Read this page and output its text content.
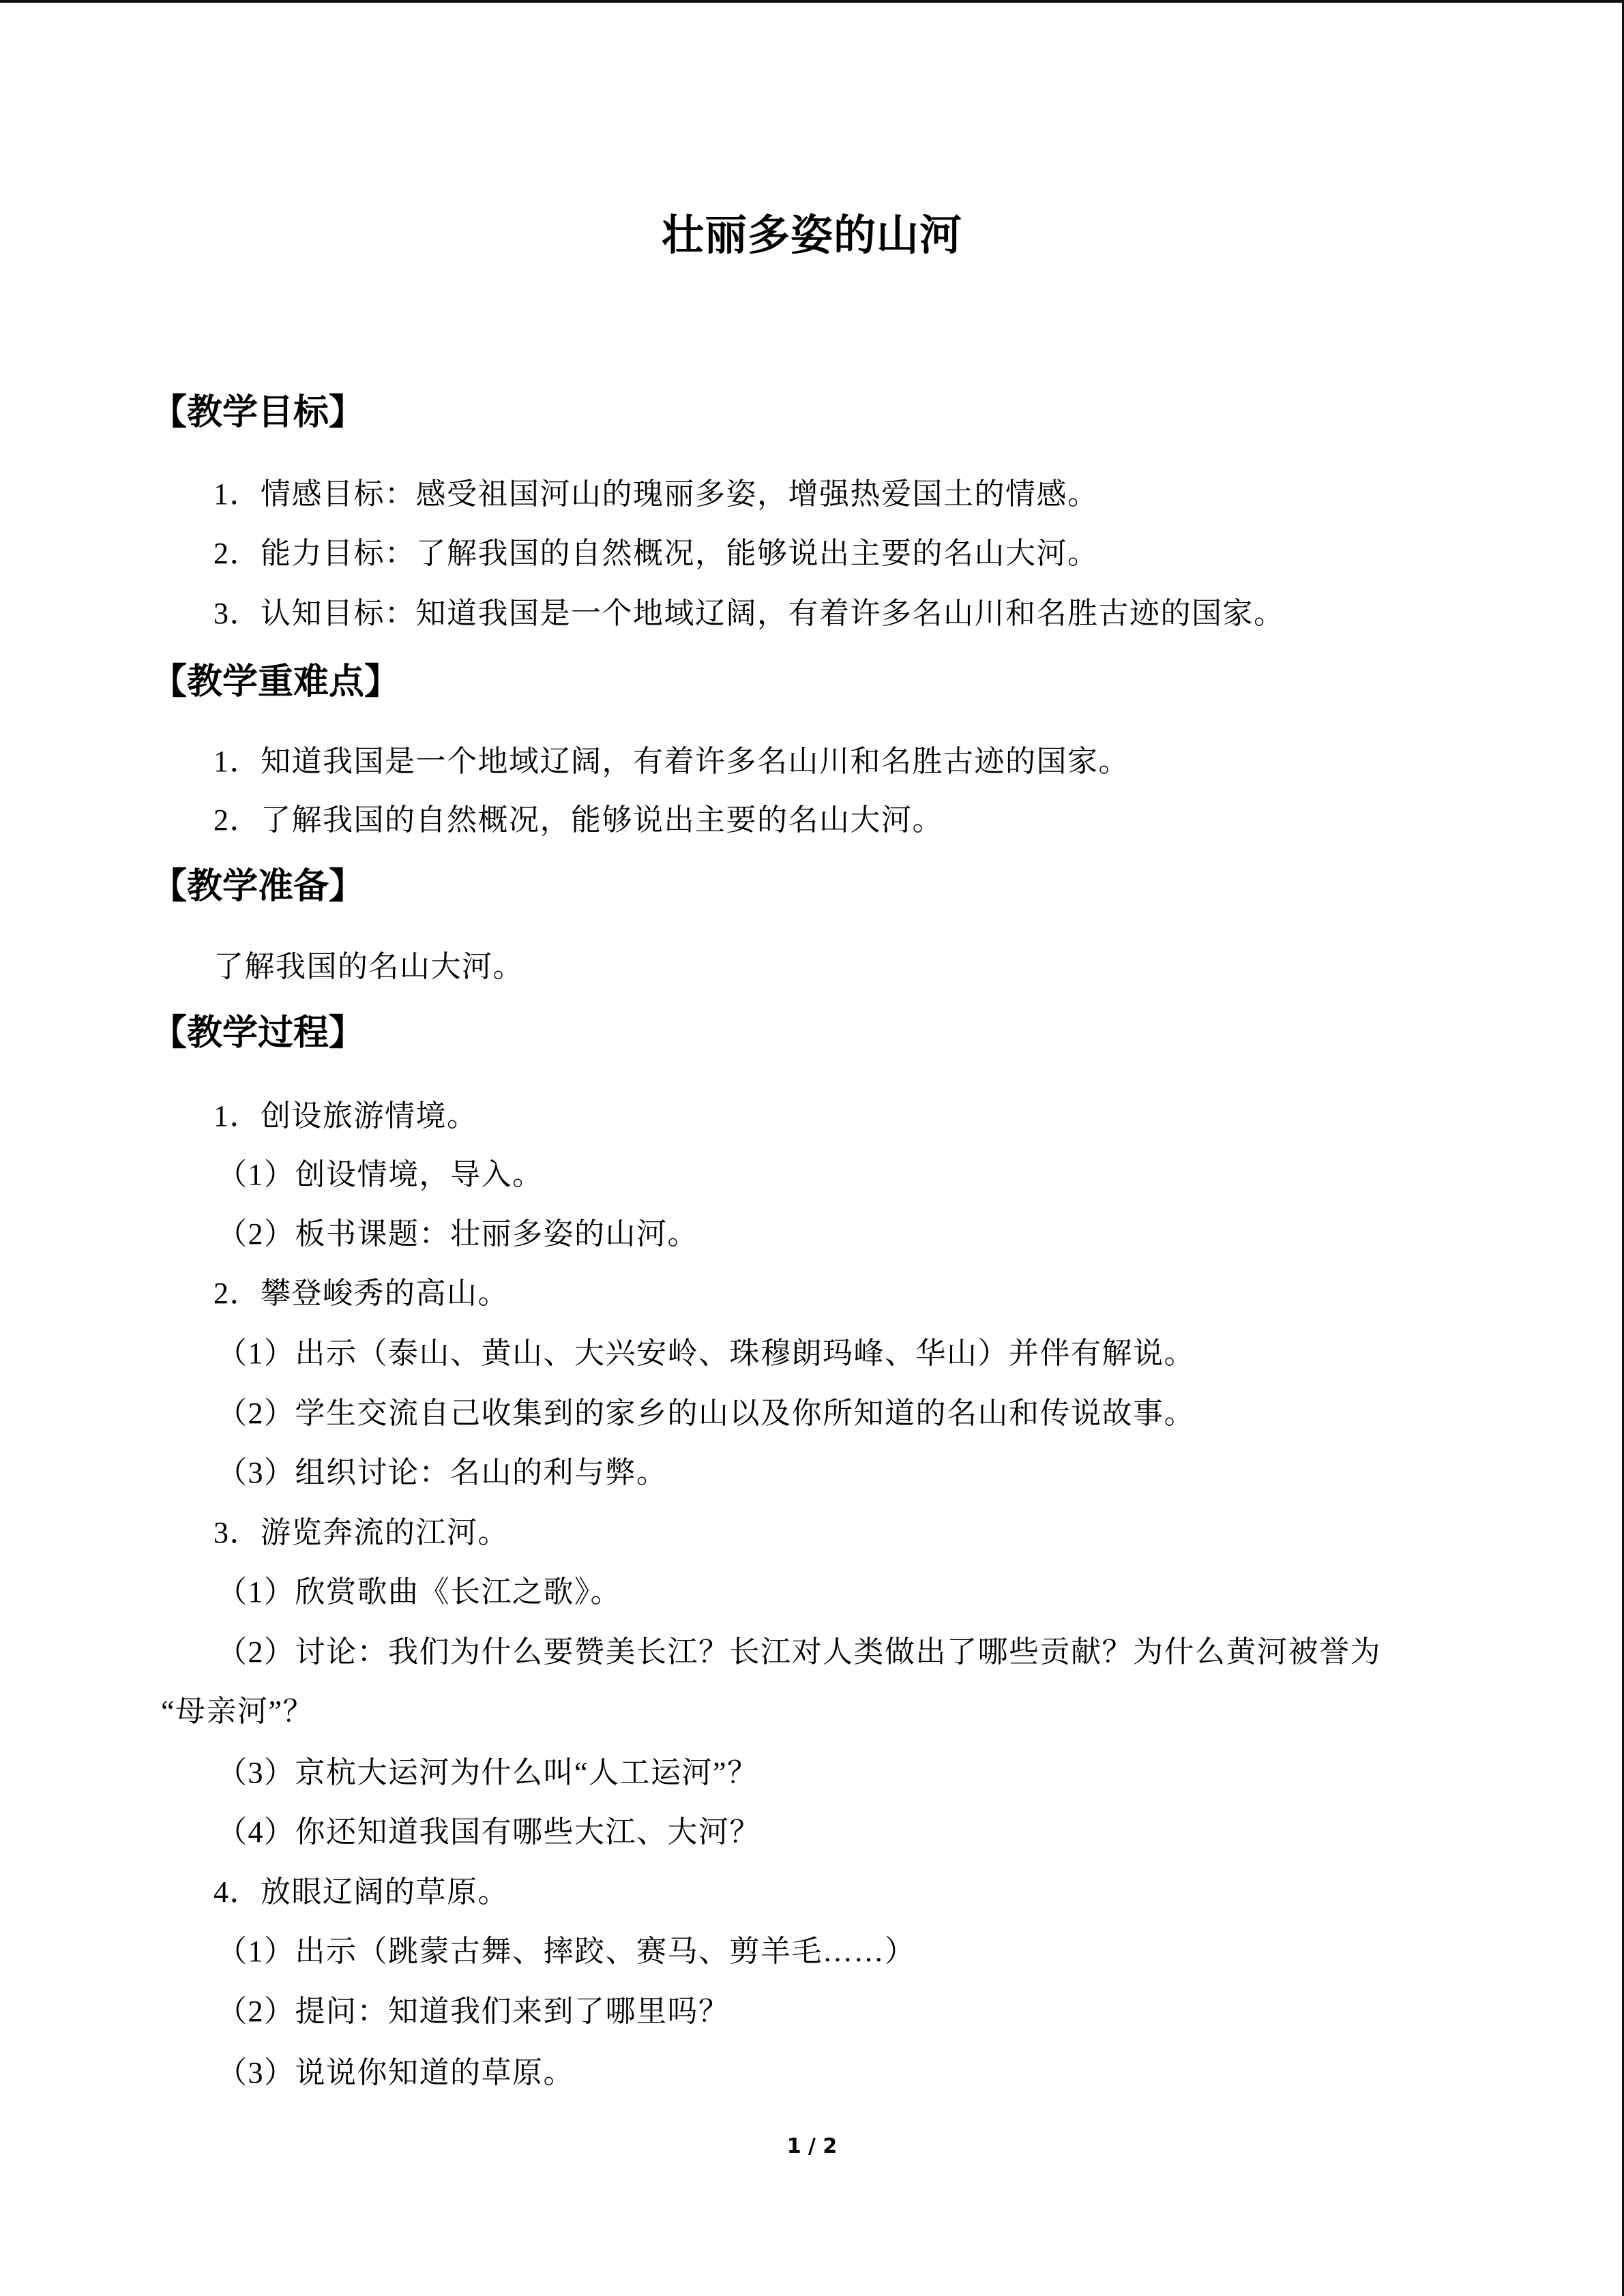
壮丽多姿的山河
【教学目标】
1．情感目标：感受祖国河山的瑰丽多姿，增强热爱国土的情感。
2．能力目标：了解我国的自然概况，能够说出主要的名山大河。
3．认知目标：知道我国是一个地域辽阔，有着许多名山川和名胜古迹的国家。
【教学重难点】
1．知道我国是一个地域辽阔，有着许多名山川和名胜古迹的国家。
2．了解我国的自然概况，能够说出主要的名山大河。
【教学准备】
了解我国的名山大河。
【教学过程】
1．创设旅游情境。
（1）创设情境，导入。
（2）板书课题：壮丽多姿的山河。
2．攀登峻秀的高山。
（1）出示（泰山、黄山、大兴安岭、珠穆朗玛峰、华山）并伴有解说。
（2）学生交流自己收集到的家乡的山以及你所知道的名山和传说故事。
（3）组织讨论：名山的利与弊。
3．游览奔流的江河。
（1）欣赏歌曲《长江之歌》。
（2）讨论：我们为什么要赞美长江？长江对人类做出了哪些贡献？为什么黄河被誉为
“母亲河”？
（3）京杭大运河为什么叫“人工运河”？
（4）你还知道我国有哪些大江、大河？
4．放眼辽阔的草原。
（1）出示（跳蒙古舞、摔跤、赛马、剪羊毛……）
（2）提问：知道我们来到了哪里吗？
（3）说说你知道的草原。
1 / 2
